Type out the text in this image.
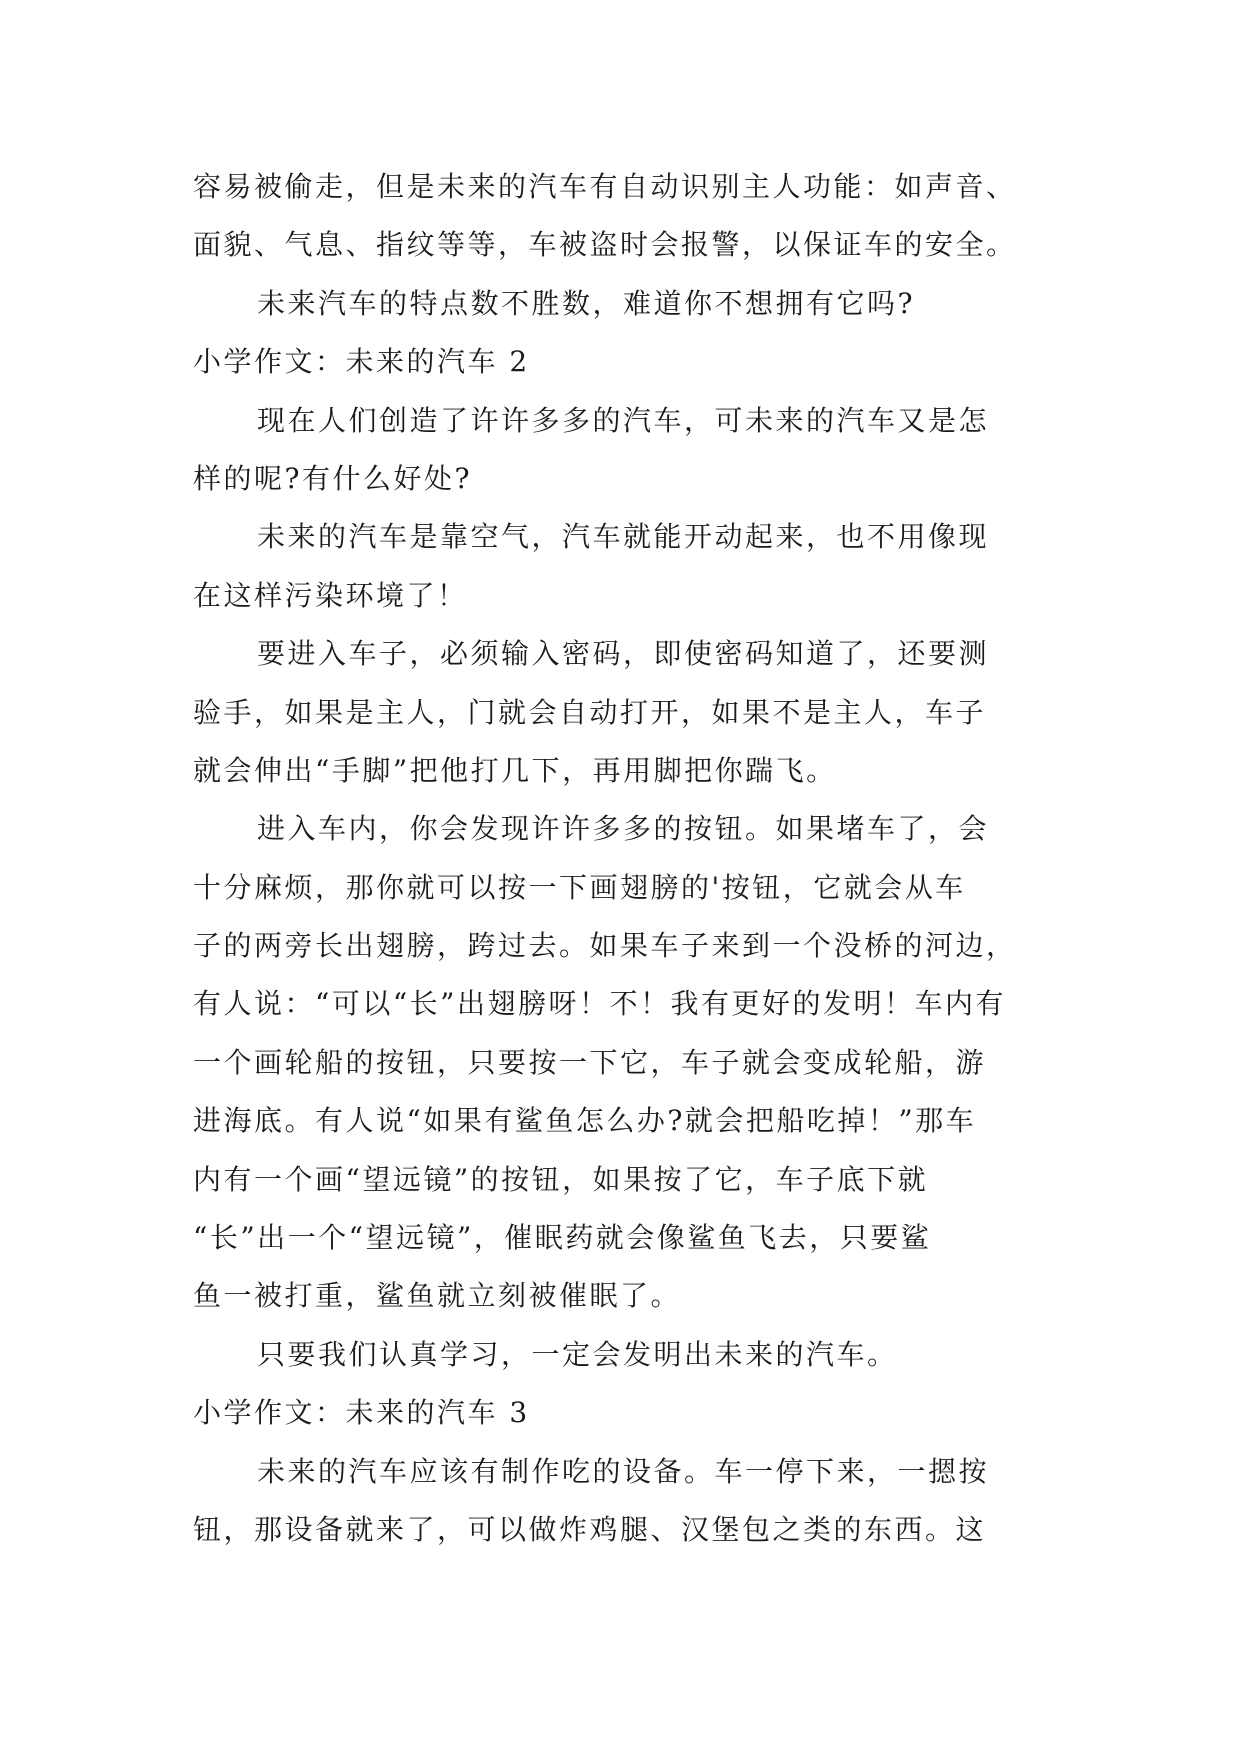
容易被偷走，但是未来的汽车有自动识别主人功能：如声音、
面貌、气息、指纹等等，车被盗时会报警，以保证车的安全。
未来汽车的特点数不胜数，难道你不想拥有它吗?
小学作文：未来的汽车 2
现在人们创造了许许多多的汽车，可未来的汽车又是怎
样的呢?有什么好处?
未来的汽车是靠空气，汽车就能开动起来，也不用像现
在这样污染环境了！
要进入车子，必须输入密码，即使密码知道了，还要测
验手，如果是主人，门就会自动打开，如果不是主人，车子
就会伸出“手脚”把他打几下，再用脚把你踹飞。
进入车内，你会发现许许多多的按钮。如果堵车了，会
十分麻烦，那你就可以按一下画翅膀的'按钮，它就会从车
子的两旁长出翅膀，跨过去。如果车子来到一个没桥的河边，
有人说：“可以“长”出翅膀呀！不！我有更好的发明！车内有
一个画轮船的按钮，只要按一下它，车子就会变成轮船，游
进海底。有人说“如果有鲨鱼怎么办?就会把船吃掉！”那车
内有一个画“望远镜”的按钮，如果按了它，车子底下就
“长”出一个“望远镜”，催眠药就会像鲨鱼飞去，只要鲨
鱼一被打重，鲨鱼就立刻被催眠了。
只要我们认真学习，一定会发明出未来的汽车。
小学作文：未来的汽车 3
未来的汽车应该有制作吃的设备。车一停下来，一摁按
钮，那设备就来了，可以做炸鸡腿、汉堡包之类的东西。这
